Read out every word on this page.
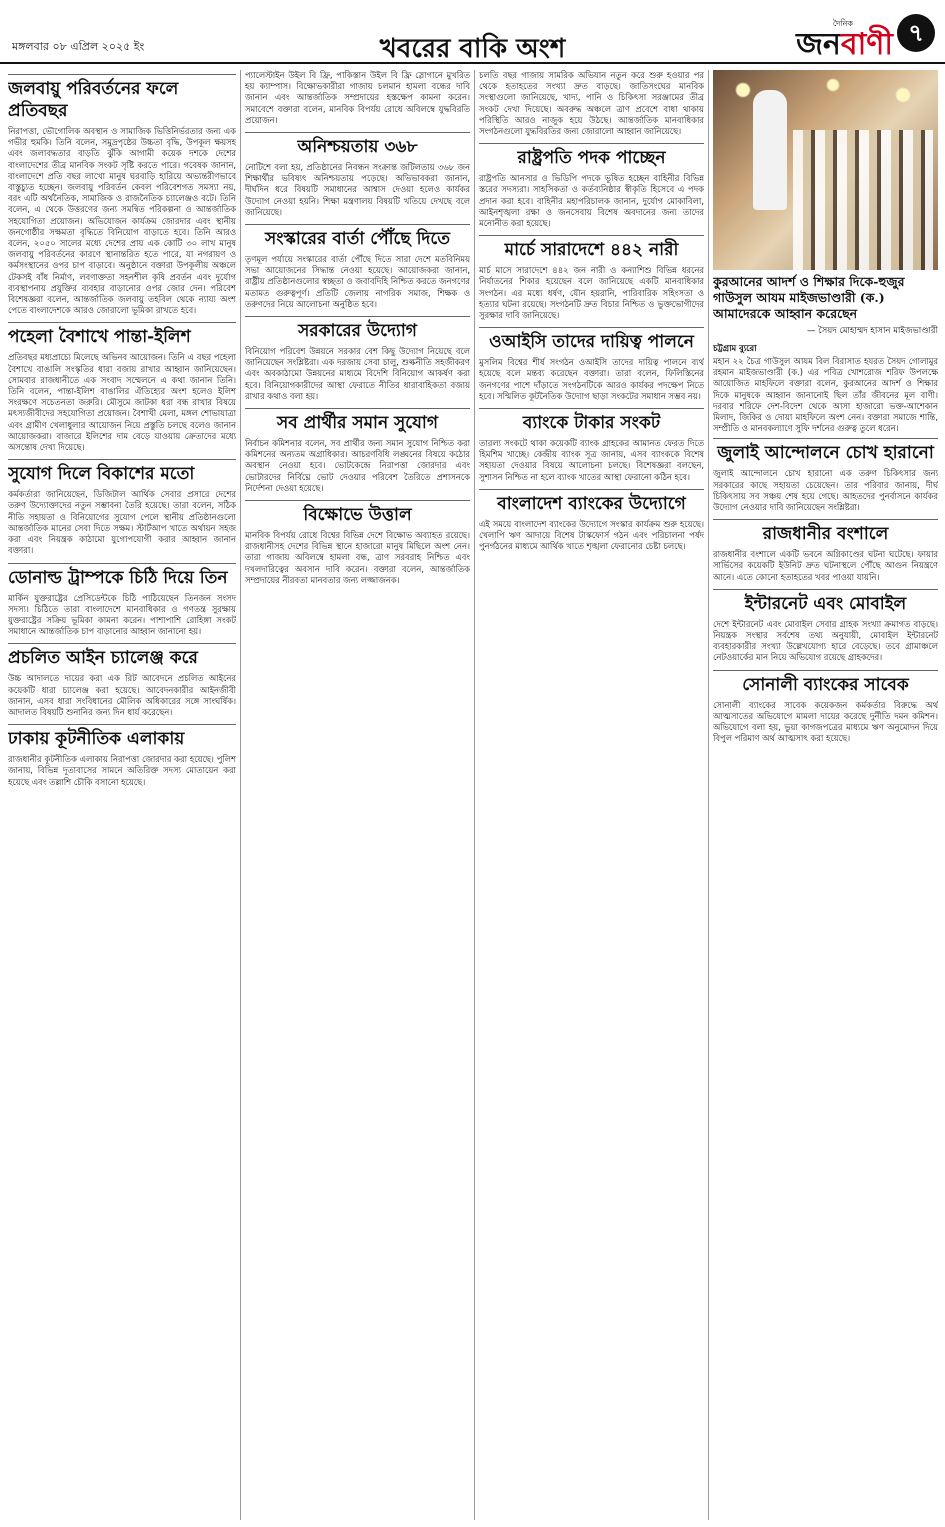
মঙ্গলবার ০৮ এপ্রিল ২০২৫ ইং	খবরের বাকি অংশ
দৈনিক
জনবাণী ৭
জলবায়ু পরিবর্তনের ফলে প্রতিবছর
নিরাপত্তা, ভৌগোলিক অবস্থান ও সামাজিক ভিত্তিনির্ভরতার জন্য এক গভীর হুমকি। তিনি বলেন, সমুদ্রপৃষ্ঠের উচ্চতা বৃদ্ধি, উপকূল ক্ষয়সহ এবং জলাবদ্ধতার বাড়তি ঝুঁকি আগামী কয়েক দশকে দেশের বাংলাদেশের তীব্র মানবিক সংকট সৃষ্টি করতে পারে। গবেষক জানান, বাংলাদেশে প্রতি বছর লাখো মানুষ ঘরবাড়ি হারিয়ে অভ্যন্তরীণভাবে বাস্তুচ্যুত হচ্ছেন। জলবায়ু পরিবর্তন কেবল পরিবেশগত সমস্যা নয়, বরং এটি অর্থনৈতিক, সামাজিক ও রাজনৈতিক চ্যালেঞ্জও বটে। তিনি বলেন, এ থেকে উত্তরণের জন্য সমন্বিত পরিকল্পনা ও আন্তর্জাতিক সহযোগিতা প্রয়োজন। অভিযোজন কার্যক্রম জোরদার এবং স্থানীয় জনগোষ্ঠীর সক্ষমতা বৃদ্ধিতে বিনিয়োগ বাড়াতে হবে। তিনি আরও বলেন, ২০৫০ সালের মধ্যে দেশের প্রায় এক কোটি ৩০ লাখ মানুষ জলবায়ু পরিবর্তনের কারণে স্থানান্তরিত হতে পারে, যা নগরায়ণ ও কর্মসংস্থানের ওপর চাপ বাড়াবে। অনুষ্ঠানে বক্তারা উপকূলীয় অঞ্চলে টেকসই বাঁধ নির্মাণ, লবণাক্ততা সহনশীল কৃষি প্রবর্তন এবং দুর্যোগ ব্যবস্থাপনায় প্রযুক্তির ব্যবহার বাড়ানোর ওপর জোর দেন। পরিবেশ বিশেষজ্ঞরা বলেন, আন্তর্জাতিক জলবায়ু তহবিল থেকে ন্যায্য অংশ পেতে বাংলাদেশকে আরও জোরালো ভূমিকা রাখতে হবে।
পহেলা বৈশাখে পান্তা-ইলিশ
প্রতিবছর মধ্যপ্রাচ্যে মিলেছে অভিনব আয়োজন। তিনি এ বছর পহেলা বৈশাখে বাঙালি সংস্কৃতির ধারা বজায় রাখার আহ্বান জানিয়েছেন। সোমবার রাজধানীতে এক সংবাদ সম্মেলনে এ কথা জানান তিনি। তিনি বলেন, পান্তা-ইলিশ বাঙালির ঐতিহ্যের অংশ হলেও ইলিশ সংরক্ষণে সচেতনতা জরুরি। মৌসুমে জাটকা ধরা বন্ধ রাখার বিষয়ে মৎস্যজীবীদের সহযোগিতা প্রয়োজন। বৈশাখী মেলা, মঙ্গল শোভাযাত্রা এবং গ্রামীণ খেলাধুলার আয়োজন নিয়ে প্রস্তুতি চলছে বলেও জানান আয়োজকরা। বাজারে ইলিশের দাম বেড়ে যাওয়ায় ক্রেতাদের মধ্যে অসন্তোষ দেখা দিয়েছে।
সুযোগ দিলে বিকাশের মতো
কর্মকর্তারা জানিয়েছেন, ডিজিটাল আর্থিক সেবার প্রসারে দেশের তরুণ উদ্যোক্তাদের নতুন সম্ভাবনা তৈরি হয়েছে। তারা বলেন, সঠিক নীতি সহায়তা ও বিনিয়োগের সুযোগ পেলে স্থানীয় প্রতিষ্ঠানগুলো আন্তর্জাতিক মানের সেবা দিতে সক্ষম। স্টার্টআপ খাতে অর্থায়ন সহজ করা এবং নিয়ন্ত্রক কাঠামো যুগোপযোগী করার আহ্বান জানান বক্তারা।
ডোনাল্ড ট্রাম্পকে চিঠি দিয়ে তিন
মার্কিন যুক্তরাষ্ট্রের প্রেসিডেন্টকে চিঠি পাঠিয়েছেন তিনজন সংসদ সদস্য। চিঠিতে তারা বাংলাদেশে মানবাধিকার ও গণতন্ত্র সুরক্ষায় যুক্তরাষ্ট্রের সক্রিয় ভূমিকা কামনা করেন। পাশাপাশি রোহিঙ্গা সংকট সমাধানে আন্তর্জাতিক চাপ বাড়ানোর আহ্বান জানানো হয়।
প্রচলিত আইন চ্যালেঞ্জ করে
উচ্চ আদালতে দায়ের করা এক রিট আবেদনে প্রচলিত আইনের কয়েকটি ধারা চ্যালেঞ্জ করা হয়েছে। আবেদনকারীর আইনজীবী জানান, এসব ধারা সংবিধানের মৌলিক অধিকারের সঙ্গে সাংঘর্ষিক। আদালত বিষয়টি শুনানির জন্য দিন ধার্য করেছেন।
ঢাকায় কূটনীতিক এলাকায়
রাজধানীর কূটনীতিক এলাকায় নিরাপত্তা জোরদার করা হয়েছে। পুলিশ জানায়, বিভিন্ন দূতাবাসের সামনে অতিরিক্ত সদস্য মোতায়েন করা হয়েছে এবং তল্লাশি চৌকি বসানো হয়েছে।
প্যালেস্টাইন উইল বি ফ্রি, পাকিস্তান উইল বি ফ্রি স্লোগানে মুখরিত হয় ক্যাম্পাস। বিক্ষোভকারীরা গাজায় চলমান হামলা বন্ধের দাবি জানান এবং আন্তর্জাতিক সম্প্রদায়ের হস্তক্ষেপ কামনা করেন। সমাবেশে বক্তারা বলেন, মানবিক বিপর্যয় রোধে অবিলম্বে যুদ্ধবিরতি প্রয়োজন।
অনিশ্চয়তায় ৩৬৮
নোটিশে বলা হয়, প্রতিষ্ঠানের নিবন্ধন সংক্রান্ত জটিলতায় ৩৬৮ জন শিক্ষার্থীর ভবিষ্যৎ অনিশ্চয়তায় পড়েছে। অভিভাবকরা জানান, দীর্ঘদিন ধরে বিষয়টি সমাধানের আশ্বাস দেওয়া হলেও কার্যকর উদ্যোগ নেওয়া হয়নি। শিক্ষা মন্ত্রণালয় বিষয়টি খতিয়ে দেখছে বলে জানিয়েছে।
সংস্কারের বার্তা পৌঁছে দিতে
তৃণমূল পর্যায়ে সংস্কারের বার্তা পৌঁছে দিতে সারা দেশে মতবিনিময় সভা আয়োজনের সিদ্ধান্ত নেওয়া হয়েছে। আয়োজকরা জানান, রাষ্ট্রীয় প্রতিষ্ঠানগুলোর স্বচ্ছতা ও জবাবদিহি নিশ্চিত করতে জনগণের মতামত গুরুত্বপূর্ণ। প্রতিটি জেলায় নাগরিক সমাজ, শিক্ষক ও তরুণদের নিয়ে আলোচনা অনুষ্ঠিত হবে।
সরকারের উদ্যোগ
বিনিয়োগ পরিবেশ উন্নয়নে সরকার বেশ কিছু উদ্যোগ নিয়েছে বলে জানিয়েছেন সংশ্লিষ্টরা। এক দরজায় সেবা চালু, শুল্কনীতি সহজীকরণ এবং অবকাঠামো উন্নয়নের মাধ্যমে বিদেশি বিনিয়োগ আকর্ষণ করা হবে। বিনিয়োগকারীদের আস্থা ফেরাতে নীতির ধারাবাহিকতা বজায় রাখার কথাও বলা হয়।
সব প্রার্থীর সমান সুযোগ
নির্বাচন কমিশনার বলেন, সব প্রার্থীর জন্য সমান সুযোগ নিশ্চিত করা কমিশনের অন্যতম অগ্রাধিকার। আচরণবিধি লঙ্ঘনের বিষয়ে কঠোর অবস্থান নেওয়া হবে। ভোটকেন্দ্রে নিরাপত্তা জোরদার এবং ভোটারদের নির্বিঘ্নে ভোট দেওয়ার পরিবেশ তৈরিতে প্রশাসনকে নির্দেশনা দেওয়া হয়েছে।
বিক্ষোভে উত্তাল
মানবিক বিপর্যয় রোধে বিশ্বের বিভিন্ন দেশে বিক্ষোভ অব্যাহত রয়েছে। রাজধানীসহ দেশের বিভিন্ন স্থানে হাজারো মানুষ মিছিলে অংশ নেন। তারা গাজায় অবিলম্বে হামলা বন্ধ, ত্রাণ সরবরাহ নিশ্চিত এবং দখলদারিত্বের অবসান দাবি করেন। বক্তারা বলেন, আন্তর্জাতিক সম্প্রদায়ের নীরবতা মানবতার জন্য লজ্জাজনক।
চলতি বছর গাজায় সামরিক অভিযান নতুন করে শুরু হওয়ার পর থেকে হতাহতের সংখ্যা দ্রুত বাড়ছে। জাতিসংঘের মানবিক সংস্থাগুলো জানিয়েছে, খাদ্য, পানি ও চিকিৎসা সরঞ্জামের তীব্র সংকট দেখা দিয়েছে। অবরুদ্ধ অঞ্চলে ত্রাণ প্রবেশে বাধা থাকায় পরিস্থিতি আরও নাজুক হয়ে উঠছে। আন্তর্জাতিক মানবাধিকার সংগঠনগুলো যুদ্ধবিরতির জন্য জোরালো আহ্বান জানিয়েছে।
রাষ্ট্রপতি পদক পাচ্ছেন
রাষ্ট্রপতি আনসার ও ভিডিপি পদকে ভূষিত হচ্ছেন বাহিনীর বিভিন্ন স্তরের সদস্যরা। সাহসিকতা ও কর্তব্যনিষ্ঠার স্বীকৃতি হিসেবে এ পদক প্রদান করা হবে। বাহিনীর মহাপরিচালক জানান, দুর্যোগ মোকাবিলা, আইনশৃঙ্খলা রক্ষা ও জনসেবায় বিশেষ অবদানের জন্য তাদের মনোনীত করা হয়েছে।
মার্চে সারাদেশে ৪৪২ নারী
মার্চ মাসে সারাদেশে ৪৪২ জন নারী ও কন্যাশিশু বিভিন্ন ধরনের নির্যাতনের শিকার হয়েছেন বলে জানিয়েছে একটি মানবাধিকার সংগঠন। এর মধ্যে ধর্ষণ, যৌন হয়রানি, পারিবারিক সহিংসতা ও হত্যার ঘটনা রয়েছে। সংগঠনটি দ্রুত বিচার নিশ্চিত ও ভুক্তভোগীদের সুরক্ষার দাবি জানিয়েছে।
ওআইসি তাদের দায়িত্ব পালনে
মুসলিম বিশ্বের শীর্ষ সংগঠন ওআইসি তাদের দায়িত্ব পালনে ব্যর্থ হয়েছে বলে মন্তব্য করেছেন বক্তারা। তারা বলেন, ফিলিস্তিনের জনগণের পাশে দাঁড়াতে সংগঠনটিকে আরও কার্যকর পদক্ষেপ নিতে হবে। সম্মিলিত কূটনৈতিক উদ্যোগ ছাড়া সংকটের সমাধান সম্ভব নয়।
ব্যাংকে টাকার সংকট
তারল্য সংকটে থাকা কয়েকটি ব্যাংক গ্রাহকের আমানত ফেরত দিতে হিমশিম খাচ্ছে। কেন্দ্রীয় ব্যাংক সূত্র জানায়, এসব ব্যাংককে বিশেষ সহায়তা দেওয়ার বিষয়ে আলোচনা চলছে। বিশেষজ্ঞরা বলছেন, সুশাসন নিশ্চিত না হলে ব্যাংক খাতের আস্থা ফেরানো কঠিন হবে।
বাংলাদেশ ব্যাংকের উদ্যোগে
এই সময়ে বাংলাদেশ ব্যাংকের উদ্যোগে সংস্কার কার্যক্রম শুরু হয়েছে। খেলাপি ঋণ আদায়ে বিশেষ টাস্কফোর্স গঠন এবং পরিচালনা পর্ষদ পুনর্গঠনের মাধ্যমে আর্থিক খাতে শৃঙ্খলা ফেরানোর চেষ্টা চলছে।
কুরআনের আদর্শ ও শিক্ষার দিকে-হুজুর গাউসুল আযম মাইজভাণ্ডারী (ক.) আমাদেরকে আহ্বান করেছেন
— সৈয়দ মোহাম্মদ হাসান মাইজভাণ্ডারী
চট্টগ্রাম ব্যুরো
মহান ২২ চৈত্র গাউসুল আযম বিল বিরাসাত হযরত সৈয়দ গোলামুর রহমান মাইজভাণ্ডারী (ক.) এর পবিত্র খোশরোজ শরিফ উপলক্ষে আয়োজিত মাহফিলে বক্তারা বলেন, কুরআনের আদর্শ ও শিক্ষার দিকে মানুষকে আহ্বান জানানোই ছিল তাঁর জীবনের মূল বাণী। দরবার শরিফে দেশ-বিদেশ থেকে আসা হাজারো ভক্ত-আশেকান মিলাদ, জিকির ও দোয়া মাহফিলে অংশ নেন। বক্তারা সমাজে শান্তি, সম্প্রীতি ও মানবকল্যাণে সুফি দর্শনের গুরুত্ব তুলে ধরেন।
জুলাই আন্দোলনে চোখ হারানো
জুলাই আন্দোলনে চোখ হারানো এক তরুণ চিকিৎসার জন্য সরকারের কাছে সহায়তা চেয়েছেন। তার পরিবার জানায়, দীর্ঘ চিকিৎসায় সব সঞ্চয় শেষ হয়ে গেছে। আহতদের পুনর্বাসনে কার্যকর উদ্যোগ নেওয়ার দাবি জানিয়েছেন সংশ্লিষ্টরা।
রাজধানীর বংশালে
রাজধানীর বংশালে একটি ভবনে অগ্নিকাণ্ডের ঘটনা ঘটেছে। ফায়ার সার্ভিসের কয়েকটি ইউনিট দ্রুত ঘটনাস্থলে পৌঁছে আগুন নিয়ন্ত্রণে আনে। এতে কোনো হতাহতের খবর পাওয়া যায়নি।
ইন্টারনেট এবং মোবাইল
দেশে ইন্টারনেট এবং মোবাইল সেবার গ্রাহক সংখ্যা ক্রমাগত বাড়ছে। নিয়ন্ত্রক সংস্থার সর্বশেষ তথ্য অনুযায়ী, মোবাইল ইন্টারনেট ব্যবহারকারীর সংখ্যা উল্লেখযোগ্য হারে বেড়েছে। তবে গ্রামাঞ্চলে নেটওয়ার্কের মান নিয়ে অভিযোগ রয়েছে গ্রাহকদের।
সোনালী ব্যাংকের সাবেক
সোনালী ব্যাংকের সাবেক কয়েকজন কর্মকর্তার বিরুদ্ধে অর্থ আত্মসাতের অভিযোগে মামলা দায়ের করেছে দুর্নীতি দমন কমিশন। অভিযোগে বলা হয়, ভুয়া কাগজপত্রের মাধ্যমে ঋণ অনুমোদন দিয়ে বিপুল পরিমাণ অর্থ আত্মসাৎ করা হয়েছে।
